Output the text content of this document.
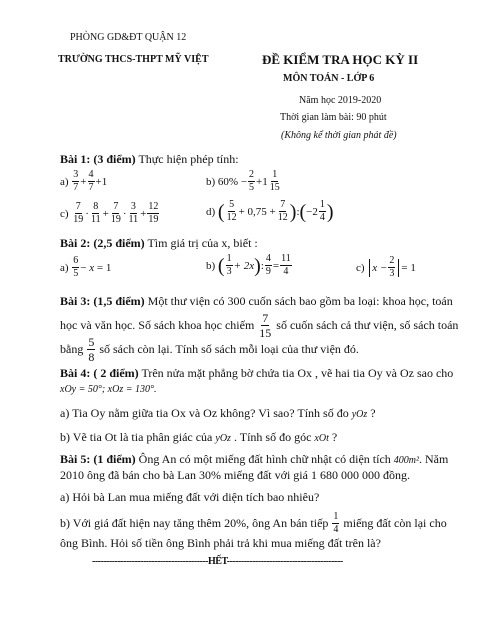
PHÒNG GD&ĐT QUẬN 12
TRƯỜNG THCS-THPT MỸ VIỆT	ĐỀ KIỂM TRA HỌC KỲ II
MÔN TOÁN - LỚP 6
Năm học 2019-2020
Thời gian làm bài: 90 phút
(Không kể thời gian phát đề)
Bài 1: (3 điểm) Thực hiện phép tính:
a)
$\frac{3}{7} + \frac{4}{7} + 1$	b)
$60\% - \frac{2}{5} + 1 \frac{1}{15}$
c)
$\frac{7}{19} \cdot \frac{8}{11} + \frac{7}{19} \cdot \frac{3}{11} + \frac{12}{19}$	d)
( $\frac{5}{12} + 0,75 + \frac{7}{12}$ ) : ( $-2 \frac{1}{4}$ )
Bài 2: (2,5 điểm) Tìm giá trị của x, biết :
a)
$\frac{6}{5}$ −
x
= 1	b)
( $\frac{1}{3} + 2x$ ) : $\frac{4}{9} = \frac{11}{4}$	c)
$x - \frac{2}{3} = 1$
Bài 3: (1,5 điểm) Một thư viện có 300 cuốn sách bao gồm ba loại: khoa học, toán
học và văn học. Số sách khoa học chiếm
$\frac{7}{15}$
số cuốn sách cả thư viện, số sách toán
bằng
$\frac{5}{8}$
số sách còn lại. Tính số sách mỗi loại của thư viện đó.
Bài 4: ( 2 điểm) Trên nửa mặt phẳng bờ chứa tia Ox , vẽ hai tia Oy và Oz sao cho
xOy = 50°; xOz = 130°.
a) Tia Oy nằm giữa tia Ox và Oz không? Vì sao? Tính số đo yOz ?
b) Vẽ tia Ot là tia phân giác của yOz . Tính số đo góc xOt ?
Bài 5: (1 điểm) Ông An có một miếng đất hình chữ nhật có diện tích 400m². Năm
2010 ông đã bán cho bà Lan 30% miếng đất với giá 1 680 000 000 đồng.
a) Hỏi bà Lan mua miếng đất với diện tích bao nhiêu?
b) Với giá đất hiện nay tăng thêm 20%, ông An bán tiếp
$\frac{1}{4}$
miếng đất còn lại cho
ông Bình. Hỏi số tiền ông Bình phải trả khi mua miếng đất trên là?
-----------------------------------------HẾT-----------------------------------------
